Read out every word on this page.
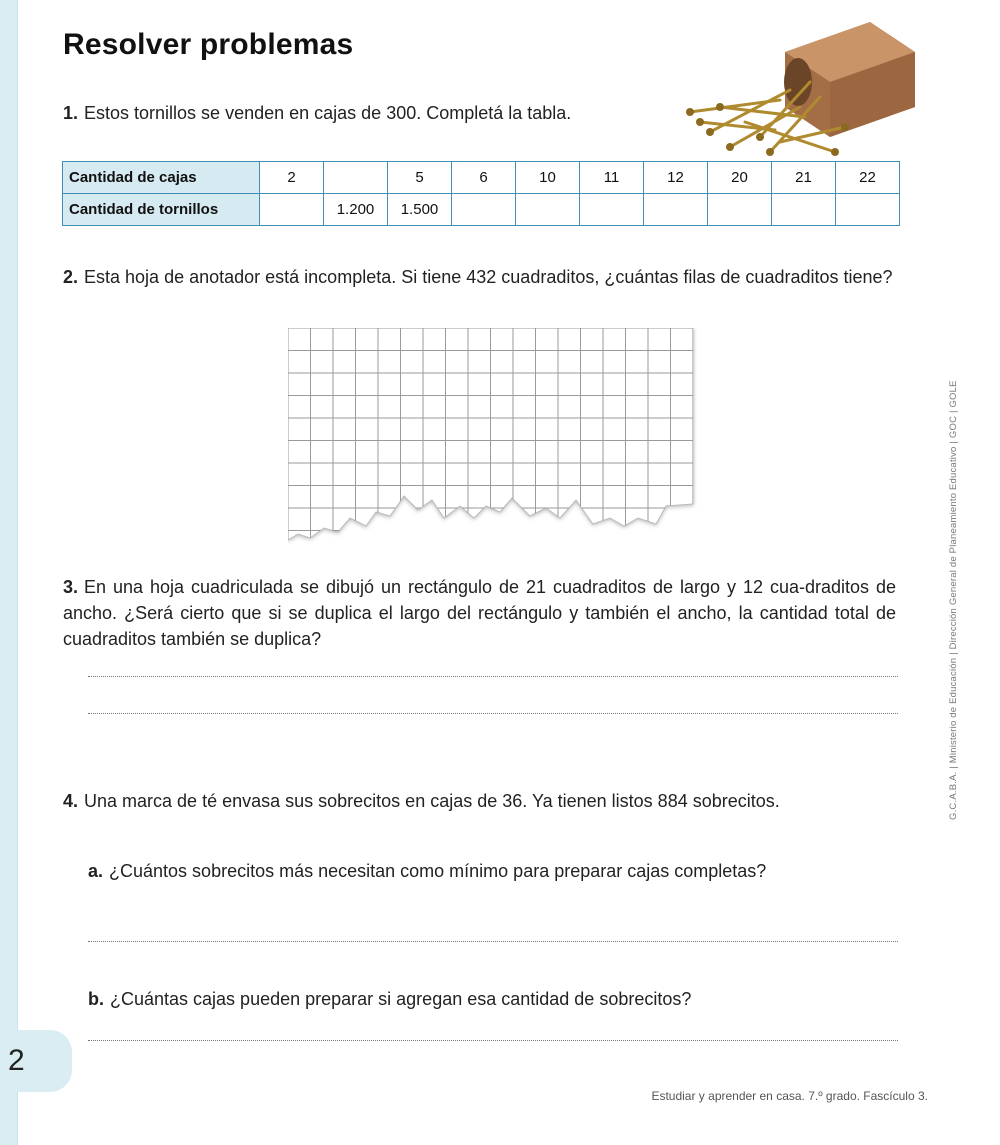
2
Resolver problemas
1. Estos tornillos se venden en cajas de 300. Completá la tabla.
Cantidad de cajas	2		5	6	10	11	12	20	21	22
Cantidad de tornillos		1.200	1.500							
2. Esta hoja de anotador está incompleta. Si tiene 432 cuadraditos, ¿cuántas filas de cuadraditos tiene?
3. En una hoja cuadriculada se dibujó un rectángulo de 21 cuadraditos de largo y 12 cua-draditos de ancho. ¿Será cierto que si se duplica el largo del rectángulo y también el ancho, la cantidad total de cuadraditos también se duplica?
4. Una marca de té envasa sus sobrecitos en cajas de 36. Ya tienen listos 884 sobrecitos.
a. ¿Cuántos sobrecitos más necesitan como mínimo para preparar cajas completas?
b. ¿Cuántas cajas pueden preparar si agregan esa cantidad de sobrecitos?
G.C.A.B.A. | Ministerio de Educación | Dirección General de Planeamiento Educativo | GOC | GOLE
Estudiar y aprender en casa. 7.º grado. Fascículo 3.
